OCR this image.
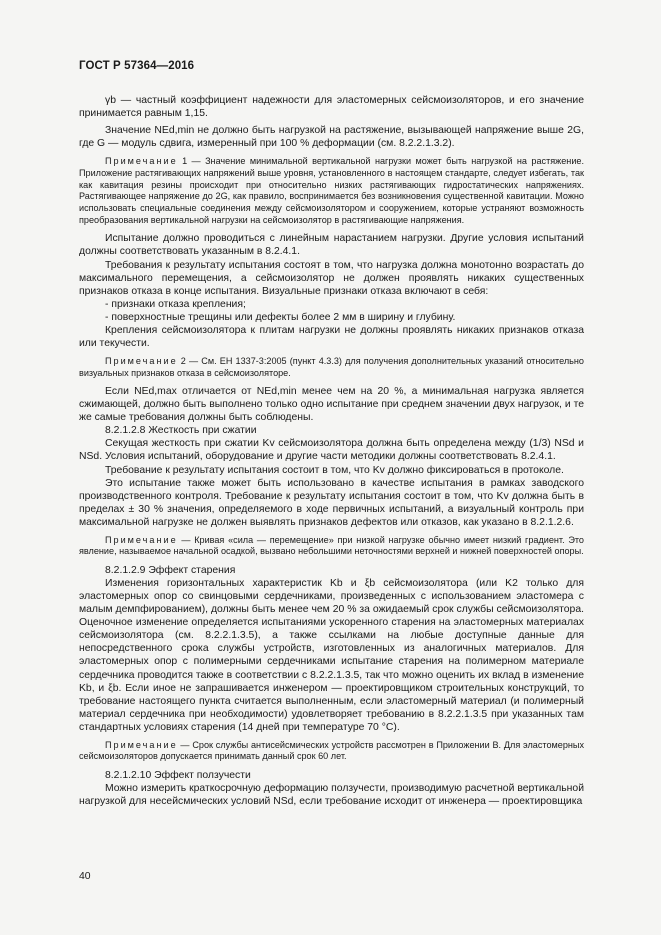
ГОСТ Р 57364—2016

γb — частный коэффициент надежности для эластомерных сейсмоизоляторов, и его значение принимается равным 1,15.

Значение NEd,min не должно быть нагрузкой на растяжение, вызывающей напряжение выше 2G, где G — модуль сдвига, измеренный при 100 % деформации (см. 8.2.2.1.3.2).

Примечание 1 — Значение минимальной вертикальной нагрузки может быть нагрузкой на растяжение. Приложение растягивающих напряжений выше уровня, установленного в настоящем стандарте, следует избегать, так как кавитация резины происходит при относительно низких растягивающих гидростатических напряжениях. Растягивающее напряжение до 2G, как правило, воспринимается без возникновения существенной кавитации. Можно использовать специальные соединения между сейсмоизолятором и сооружением, которые устраняют возможность преобразования вертикальной нагрузки на сейсмоизолятор в растягивающие напряжения.

Испытание должно проводиться с линейным нарастанием нагрузки. Другие условия испытаний должны соответствовать указанным в 8.2.4.1.

Требования к результату испытания состоят в том, что нагрузка должна монотонно возрастать до максимального перемещения, а сейсмоизолятор не должен проявлять никаких существенных признаков отказа в конце испытания. Визуальные признаки отказа включают в себя:

- признаки отказа крепления;

- поверхностные трещины или дефекты более 2 мм в ширину и глубину.

Крепления сейсмоизолятора к плитам нагрузки не должны проявлять никаких признаков отказа или текучести.

Примечание 2 — См. ЕН 1337-3:2005 (пункт 4.3.3) для получения дополнительных указаний относительно визуальных признаков отказа в сейсмоизоляторе.

Если NEd,max отличается от NEd,min менее чем на 20 %, а минимальная нагрузка является сжимающей, должно быть выполнено только одно испытание при среднем значении двух нагрузок, и те же самые требования должны быть соблюдены.

8.2.1.2.8 Жесткость при сжатии

Секущая жесткость при сжатии Kv сейсмоизолятора должна быть определена между (1/3) NSd и NSd. Условия испытаний, оборудование и другие части методики должны соответствовать 8.2.4.1.

Требование к результату испытания состоит в том, что Kv должно фиксироваться в протоколе.

Это испытание также может быть использовано в качестве испытания в рамках заводского производственного контроля. Требование к результату испытания состоит в том, что Kv должна быть в пределах ± 30 % значения, определяемого в ходе первичных испытаний, а визуальный контроль при максимальной нагрузке не должен выявлять признаков дефектов или отказов, как указано в 8.2.1.2.6.

Примечание — Кривая «сила — перемещение» при низкой нагрузке обычно имеет низкий градиент. Это явление, называемое начальной осадкой, вызвано небольшими неточностями верхней и нижней поверхностей опоры.

8.2.1.2.9 Эффект старения

Изменения горизонтальных характеристик Kb и ξb сейсмоизолятора (или K2 только для эластомерных опор со свинцовыми сердечниками, произведенных с использованием эластомера с малым демпфированием), должны быть менее чем 20 % за ожидаемый срок службы сейсмоизолятора. Оценочное изменение определяется испытаниями ускоренного старения на эластомерных материалах сейсмоизолятора (см. 8.2.2.1.3.5), а также ссылками на любые доступные данные для непосредственного срока службы устройств, изготовленных из аналогичных материалов. Для эластомерных опор с полимерными сердечниками испытание старения на полимерном материале сердечника проводится также в соответствии с 8.2.2.1.3.5, так что можно оценить их вклад в изменение Kb, и ξb. Если иное не запрашивается инженером — проектировщиком строительных конструкций, то требование настоящего пункта считается выполненным, если эластомерный материал (и полимерный материал сердечника при необходимости) удовлетворяет требованию в 8.2.2.1.3.5 при указанных там стандартных условиях старения (14 дней при температуре 70 °C).

Примечание — Срок службы антисейсмических устройств рассмотрен в Приложении В. Для эластомерных сейсмоизоляторов допускается принимать данный срок 60 лет.

8.2.1.2.10 Эффект ползучести

Можно измерить краткосрочную деформацию ползучести, производимую расчетной вертикальной нагрузкой для несейсмических условий NSd, если требование исходит от инженера — проектировщика

40
